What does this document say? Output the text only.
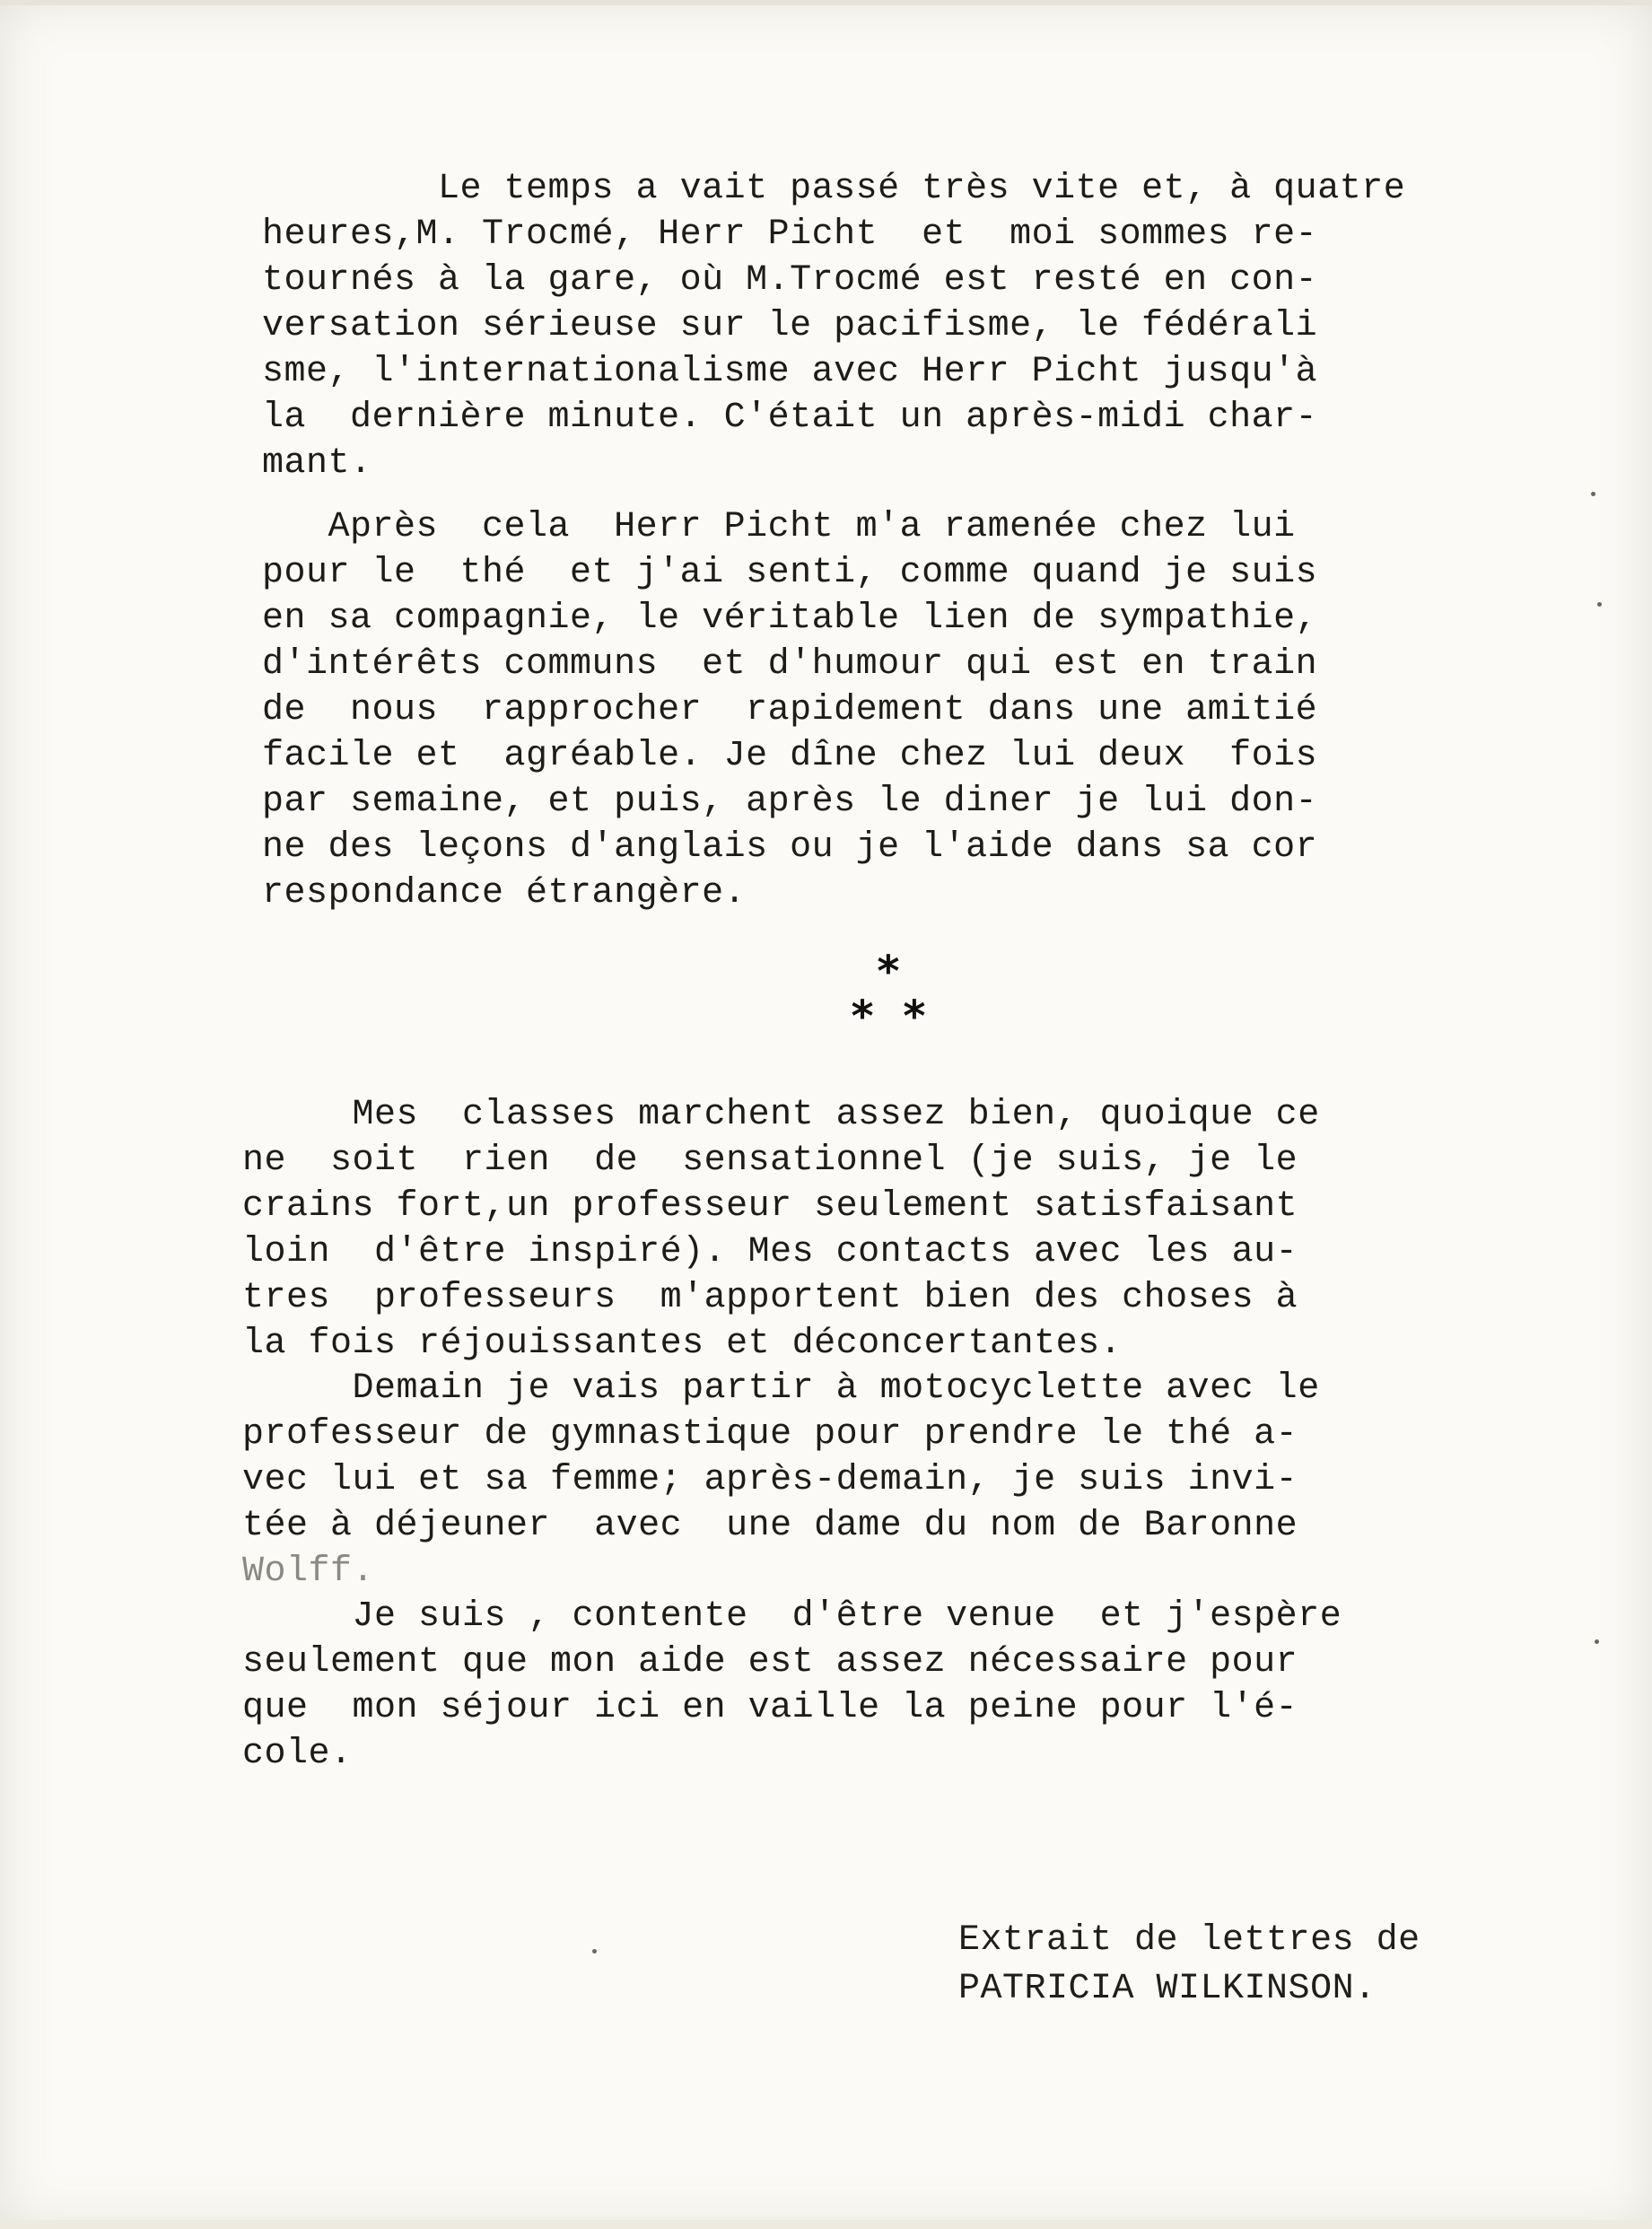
Le temps a vait passé très vite et, à quatre
heures,M. Trocmé, Herr Picht  et  moi sommes re-
tournés à la gare, où M.Trocmé est resté en con-
versation sérieuse sur le pacifisme, le fédérali
sme, l'internationalisme avec Herr Picht jusqu'à
la  dernière minute. C'était un après-midi char-
mant.
Après  cela  Herr Picht m'a ramenée chez lui
pour le  thé  et j'ai senti, comme quand je suis
en sa compagnie, le véritable lien de sympathie,
d'intérêts communs  et d'humour qui est en train
de  nous  rapprocher  rapidement dans une amitié
facile et  agréable. Je dîne chez lui deux  fois
par semaine, et puis, après le diner je lui don-
ne des leçons d'anglais ou je l'aide dans sa cor
respondance étrangère.
*
* *
Mes  classes marchent assez bien, quoique ce
ne  soit  rien  de  sensationnel (je suis, je le
crains fort,un professeur seulement satisfaisant
loin  d'être inspiré). Mes contacts avec les au-
tres  professeurs  m'apportent bien des choses à
la fois réjouissantes et déconcertantes.
Demain je vais partir à motocyclette avec le
professeur de gymnastique pour prendre le thé a-
vec lui et sa femme; après-demain, je suis invi-
tée à déjeuner  avec  une dame du nom de Baronne
Wolff.
Je suis , contente  d'être venue  et j'espère
seulement que mon aide est assez nécessaire pour
que  mon séjour ici en vaille la peine pour l'é-
cole.
Extrait de lettres de
PATRICIA WILKINSON.
